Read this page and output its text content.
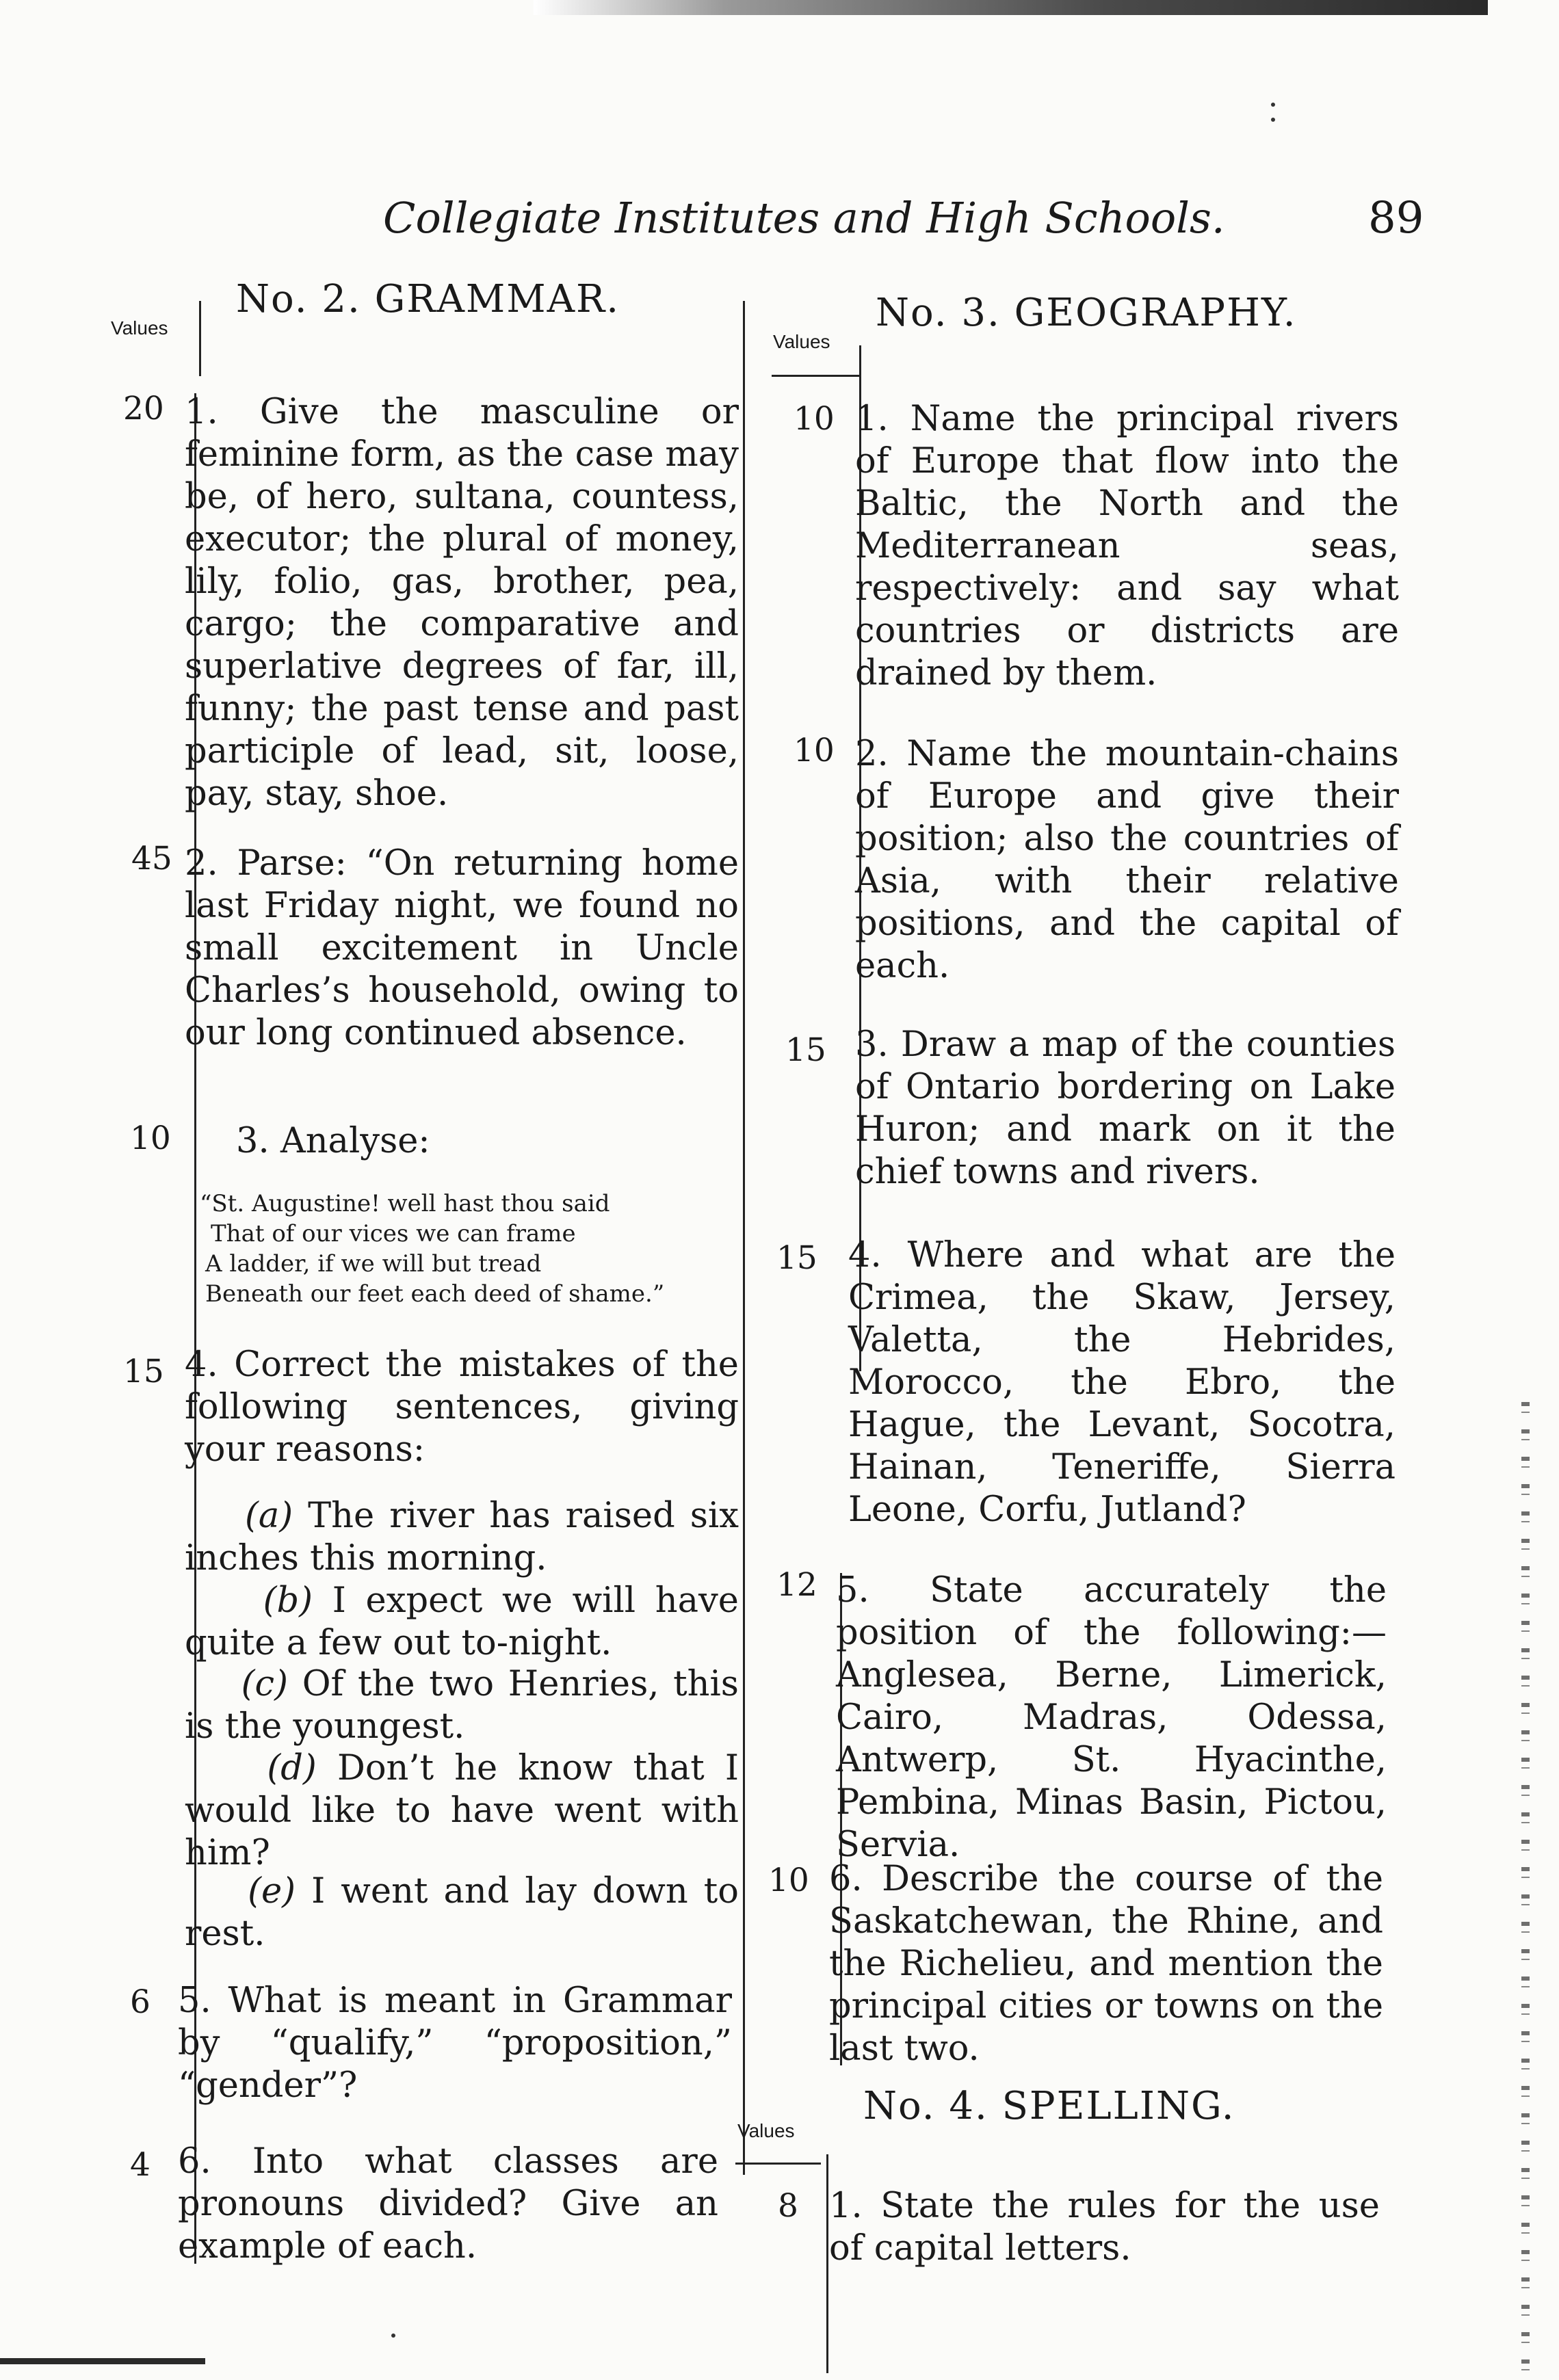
Collegiate Institutes and High Schools.	89
No. 2. GRAMMAR.
Values
20 1. Give the masculine or feminine form, as the case may be, of hero, sultana, countess, executor; the plural of money, lily, folio, gas, brother, pea, cargo; the comparative and superlative degrees of far, ill, funny; the past tense and past participle of lead, sit, loose, pay, stay, shoe.
45 2. Parse: “On returning home last Friday night, we found no small excitement in Uncle Charles’s household, owing to our long continued absence.
10 3. Analyse:
“St. Augustine! well hast thou said
That of our vices we can frame
A ladder, if we will but tread
Beneath our feet each deed of shame.”
15 4. Correct the mistakes of the following sentences, giving your reasons:
(a) The river has raised six inches this morning.
(b) I expect we will have quite a few out to-night.
(c) Of the two Henries, this is the youngest.
(d) Don’t he know that I would like to have went with him?
(e) I went and lay down to rest.
6 5. What is meant in Grammar by “qualify,” “proposition,” “gender”?
4 6. Into what classes are pronouns divided? Give an example of each.
No. 3. GEOGRAPHY.
Values
10 1. Name the principal rivers of Europe that flow into the Baltic, the North and the Mediterranean seas, respectively: and say what countries or districts are drained by them.
10 2. Name the mountain-chains of Europe and give their position; also the countries of Asia, with their relative positions, and the capital of each.
15 3. Draw a map of the counties of Ontario bordering on Lake Huron; and mark on it the chief towns and rivers.
15 4. Where and what are the Crimea, the Skaw, Jersey, Valetta, the Hebrides, Morocco, the Ebro, the Hague, the Levant, Socotra, Hainan, Teneriffe, Sierra Leone, Corfu, Jutland?
12 5. State accurately the position of the following:—Anglesea, Berne, Limerick, Cairo, Madras, Odessa, Antwerp, St. Hyacinthe, Pembina, Minas Basin, Pictou, Servia.
10 6. Describe the course of the Saskatchewan, the Rhine, and the Richelieu, and mention the principal cities or towns on the last two.
No. 4. SPELLING.
Values
8 1. State the rules for the use of capital letters.
